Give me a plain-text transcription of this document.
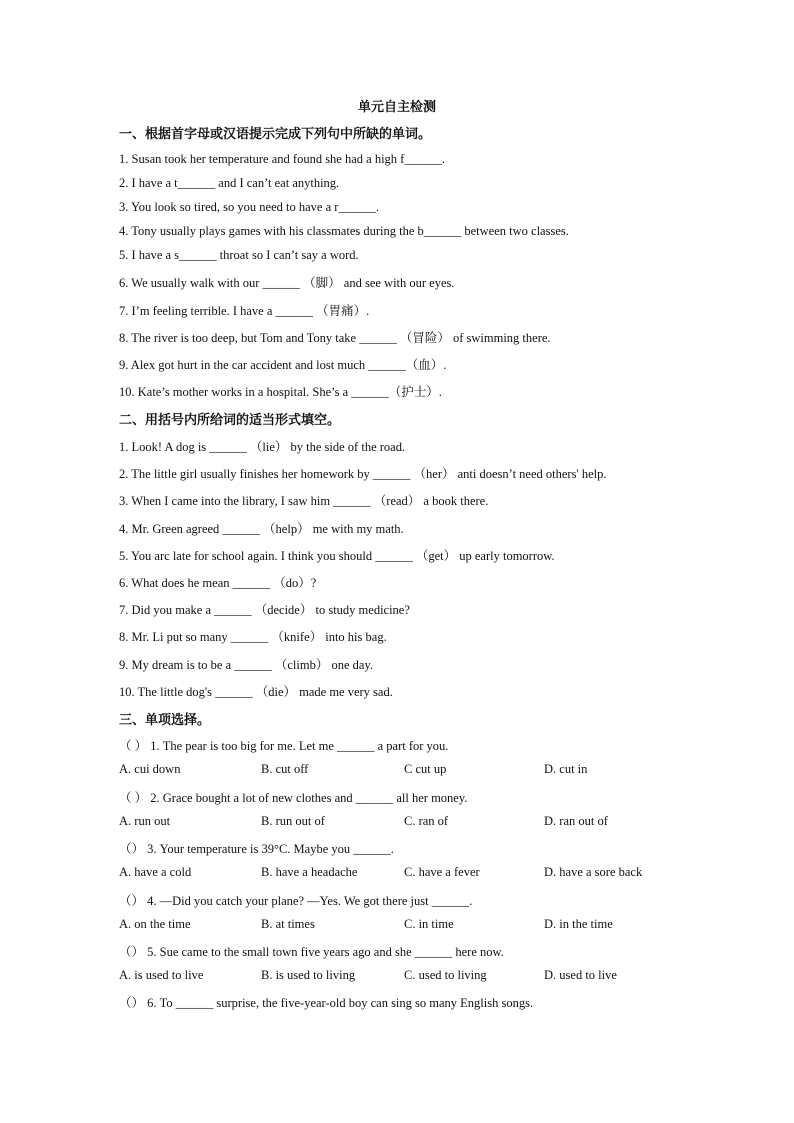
单元自主检测
一、根据首字母或汉语提示完成下列句中所缺的单词。
1. Susan took her temperature and found she had a high f______.
2. I have a t______ and I can’t eat anything.
3. You look so tired, so you need to have a r______.
4. Tony usually plays games with his classmates during the b______ between two classes.
5. I have a s______ throat so I can’t say a word.
6. We usually walk with our ______ （脚） and see with our eyes.
7. I’m feeling terrible. I have a ______ （胃痛）.
8. The river is too deep, but Tom and Tony take ______ （冒险） of swimming there.
9. Alex got hurt in the car accident and lost much ______（血）.
10. Kate’s mother works in a hospital. She’s a ______（护士）.
二、用括号内所给词的适当形式填空。
1. Look! A dog is ______ （lie） by the side of the road.
2. The little girl usually finishes her homework by ______ （her） anti doesn’t need others' help.
3. When I came into the library, I saw him ______ （read） a book there.
4. Mr. Green agreed ______ （help） me with my math.
5. You arc late for school again. I think you should ______ （get） up early tomorrow.
6. What does he mean ______ （do）?
7. Did you make a ______ （decide） to study medicine?
8. Mr. Li put so many ______ （knife） into his bag.
9. My dream is to be a ______ （climb） one day.
10. The little dog's ______ （die） made me very sad.
三、单项选择。
（ ） 1. The pear is too big for me. Let me ______ a part for you.
A. cui down	B. cut off	C cut up	D. cut in
（ ） 2. Grace bought a lot of new clothes and ______ all her money.
A. run out	B. run out of	C. ran of	D. ran out of
（） 3. Your temperature is 39°C. Maybe you ______.
A. have a cold	B. have a headache	C. have a fever	D. have a sore back
（） 4. —Did you catch your plane? —Yes. We got there just ______.
A. on the time	B. at times	C. in time	D. in the time
（） 5. Sue came to the small town five years ago and she ______ here now.
A. is used to live	B. is used to living	C. used to living	D. used to live
（） 6. To ______ surprise, the five-year-old boy can sing so many English songs.
